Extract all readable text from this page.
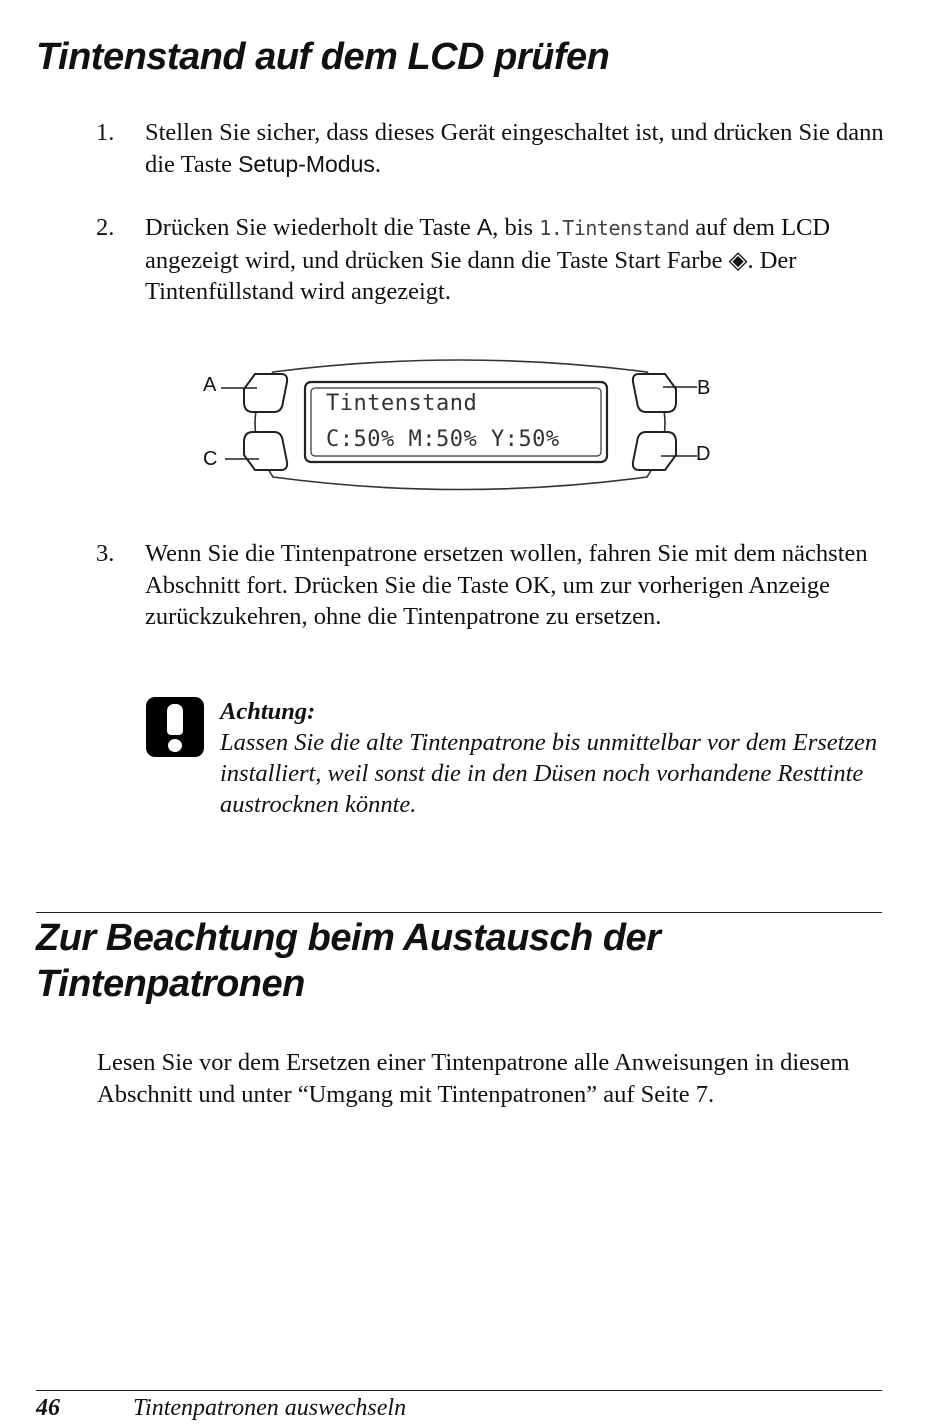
Tintenstand auf dem LCD prüfen
1. Stellen Sie sicher, dass dieses Gerät eingeschaltet ist, und drücken Sie dann die Taste Setup-Modus.
2. Drücken Sie wiederholt die Taste A, bis 1.Tintenstand auf dem LCD angezeigt wird, und drücken Sie dann die Taste Start Farbe ◈. Der Tintenfüllstand wird angezeigt.
Tintenstand
C:50% M:50% Y:50%
A
C
B
D
3. Wenn Sie die Tintenpatrone ersetzen wollen, fahren Sie mit dem nächsten Abschnitt fort. Drücken Sie die Taste OK, um zur vorherigen Anzeige zurückzukehren, ohne die Tintenpatrone zu ersetzen.
Achtung:
Lassen Sie die alte Tintenpatrone bis unmittelbar vor dem Ersetzen installiert, weil sonst die in den Düsen noch vorhandene Resttinte austrocknen könnte.
Zur Beachtung beim Austausch der Tintenpatronen
Lesen Sie vor dem Ersetzen einer Tintenpatrone alle Anweisungen in diesem Abschnitt und unter “Umgang mit Tintenpatronen” auf Seite 7.
46	Tintenpatronen auswechseln
